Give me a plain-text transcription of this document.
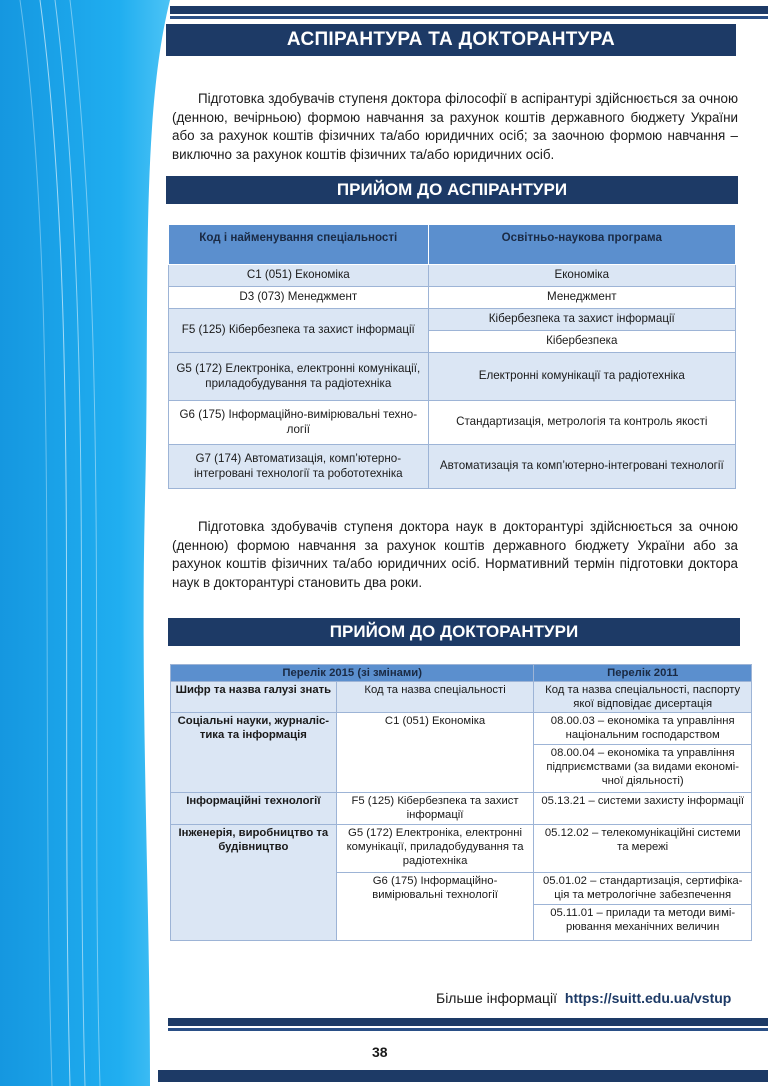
АСПІРАНТУРА ТА ДОКТОРАНТУРА

Підготовка здобувачів ступеня доктора філософії в аспірантурі здійснюється за очною (денною, вечірньою) формою навчання за рахунок коштів державного бюджету України або за рахунок коштів фізичних та/або юридичних осіб; за заочною формою навчання – виключно за рахунок коштів фізичних та/або юридичних осіб.

ПРИЙОМ ДО АСПІРАНТУРИ
Код і найменування спеціальності	Освітньо-наукова програма
C1 (051) Економіка	Економіка
D3 (073) Менеджмент	Менеджмент
F5 (125) Кібербезпека та захист інформації	Кібербезпека та захист інформації
	Кібербезпека
G5 (172) Електроніка, електронні комунікації, приладобудування та радіотехніка	Електронні комунікації та радіотехніка
G6 (175) Інформаційно-вимірювальні техно-логії	Стандартизація, метрологія та контроль якості
G7 (174) Автоматизація, комп’ютерно-інтегровані технології та робототехніка	Автоматизація та комп’ютерно-інтегровані технології

Підготовка здобувачів ступеня доктора наук в докторантурі здійснюється за очною (денною) формою навчання за рахунок коштів державного бюджету України або за рахунок коштів фізичних та/або юридичних осіб. Нормативний термін підготовки доктора наук в докторантурі становить два роки.

ПРИЙОМ ДО ДОКТОРАНТУРИ
Перелік 2015 (зі змінами)		Перелік 2011
Шифр та назва галузі знать	Код та назва спеціальності	Код та назва спеціальності, паспорту якої відповідає дисертація
Соціальні науки, журналіс-тика та інформація	C1 (051) Економіка	08.00.03 – економіка та управління національним господарством
		08.00.04 – економіка та управління підприємствами (за видами економі-чної діяльності)
Інформаційні технології	F5 (125) Кібербезпека та захист інформації	05.13.21 – системи захисту інформації
Інженерія, виробництво та будівництво	G5 (172) Електроніка, електронні комунікації, приладобудування та радіотехніка	05.12.02 – телекомунікаційні системи та мережі
	G6 (175) Інформаційно-вимірювальні технології	05.01.02 – стандартизація, сертифіка-ція та метрологічне забезпечення
		05.11.01 – прилади та методи вимі-рювання механічних величин
Більше інформації https://suitt.edu.ua/vstup
38
